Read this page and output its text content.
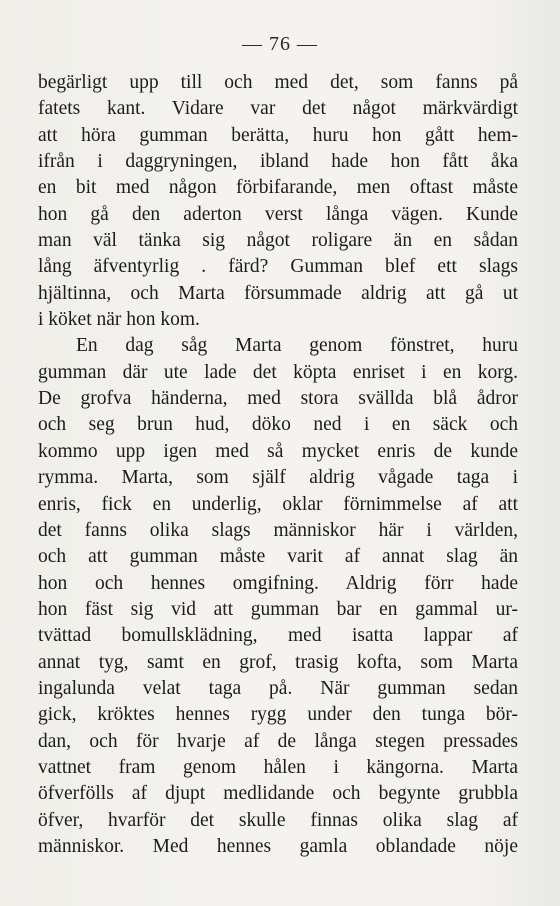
— 76 —
begärligt upp till och med det, som fanns på
fatets kant. Vidare var det något märkvärdigt
att höra gumman berätta, huru hon gått hem-
ifrån i daggryningen, ibland hade hon fått åka
en bit med någon förbifarande, men oftast måste
hon gå den aderton verst långa vägen. Kunde
man väl tänka sig något roligare än en sådan
lång äfventyrlig . färd? Gumman blef ett slags
hjältinna, och Marta försummade aldrig att gå ut
i köket när hon kom.
En dag såg Marta genom fönstret, huru
gumman där ute lade det köpta enriset i en korg.
De grofva händerna, med stora svällda blå ådror
och seg brun hud, döko ned i en säck och
kommo upp igen med så mycket enris de kunde
rymma. Marta, som själf aldrig vågade taga i
enris, fick en underlig, oklar förnimmelse af att
det fanns olika slags människor här i världen,
och att gumman måste varit af annat slag än
hon och hennes omgifning. Aldrig förr hade
hon fäst sig vid att gumman bar en gammal ur-
tvättad bomullsklädning, med isatta lappar af
annat tyg, samt en grof, trasig kofta, som Marta
ingalunda velat taga på. När gumman sedan
gick, kröktes hennes rygg under den tunga bör-
dan, och för hvarje af de långa stegen pressades
vattnet fram genom hålen i kängorna. Marta
öfverfölls af djupt medlidande och begynte grubbla
öfver, hvarför det skulle finnas olika slag af
människor. Med hennes gamla oblandade nöje
